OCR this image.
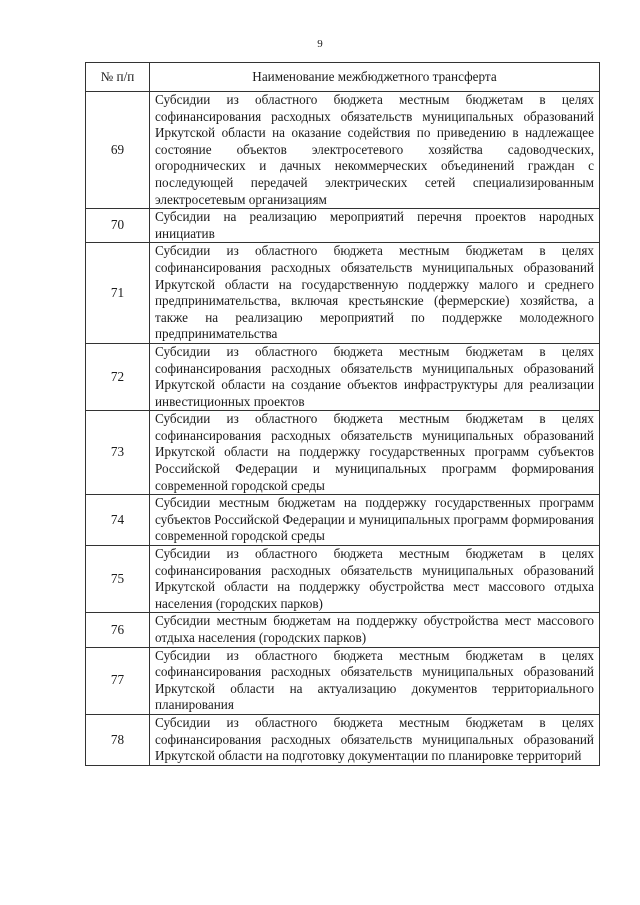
9
№ п/п	Наименование межбюджетного трансферта
69	Субсидии из областного бюджета местным бюджетам в целях софинансирования расходных обязательств муниципальных образований Иркутской области на оказание содействия по приведению в надлежащее состояние объектов электросетевого хозяйства садоводческих, огороднических и дачных некоммерческих объединений граждан с последующей передачей электрических сетей специализированным электросетевым организациям
70	Субсидии на реализацию мероприятий перечня проектов народных инициатив
71	Субсидии из областного бюджета местным бюджетам в целях софинансирования расходных обязательств муниципальных образований Иркутской области на государственную поддержку малого и среднего предпринимательства, включая крестьянские (фермерские) хозяйства, а также на реализацию мероприятий по поддержке молодежного предпринимательства
72	Субсидии из областного бюджета местным бюджетам в целях софинансирования расходных обязательств муниципальных образований Иркутской области на создание объектов инфраструктуры для реализации инвестиционных проектов
73	Субсидии из областного бюджета местным бюджетам в целях софинансирования расходных обязательств муниципальных образований Иркутской области на поддержку государственных программ субъектов Российской Федерации и муниципальных программ формирования современной городской среды
74	Субсидии местным бюджетам на поддержку государственных программ субъектов Российской Федерации и муниципальных программ формирования современной городской среды
75	Субсидии из областного бюджета местным бюджетам в целях софинансирования расходных обязательств муниципальных образований Иркутской области на поддержку обустройства мест массового отдыха населения (городских парков)
76	Субсидии местным бюджетам на поддержку обустройства мест массового отдыха населения (городских парков)
77	Субсидии из областного бюджета местным бюджетам в целях софинансирования расходных обязательств муниципальных образований Иркутской области на актуализацию документов территориального планирования
78	Субсидии из областного бюджета местным бюджетам в целях софинансирования расходных обязательств муниципальных образований Иркутской области на подготовку документации по планировке территорий
